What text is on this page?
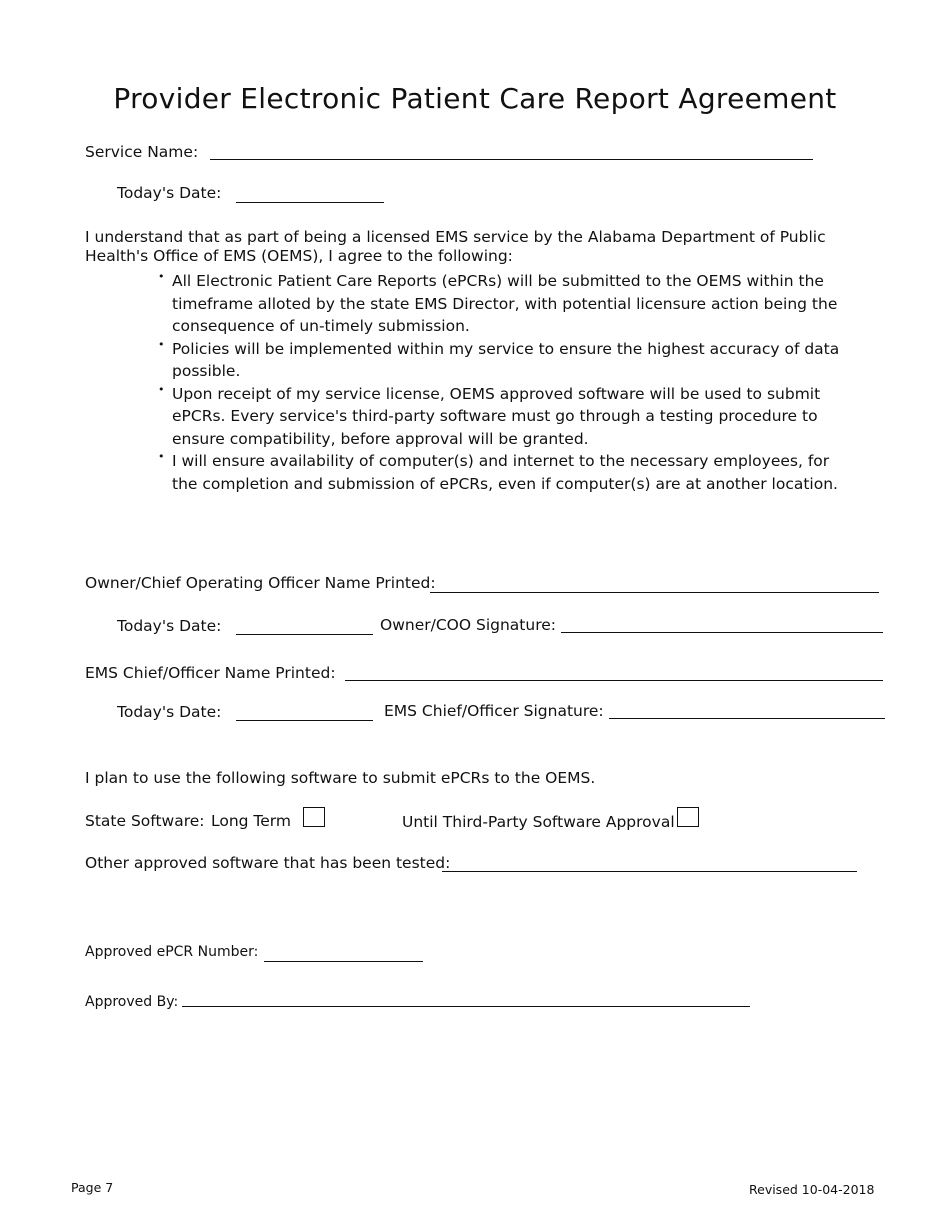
Provider Electronic Patient Care Report Agreement
Service Name:
Today's Date:
I understand that as part of being a licensed EMS service by the Alabama Department of Public Health's Office of EMS (OEMS), I agree to the following:
• All Electronic Patient Care Reports (ePCRs) will be submitted to the OEMS within the timeframe alloted by the state EMS Director, with potential licensure action being the consequence of un-timely submission.
• Policies will be implemented within my service to ensure the highest accuracy of data possible.
• Upon receipt of my service license, OEMS approved software will be used to submit ePCRs. Every service's third-party software must go through a testing procedure to ensure compatibility, before approval will be granted.
• I will ensure availability of computer(s) and internet to the necessary employees, for the completion and submission of ePCRs, even if computer(s) are at another location.
Owner/Chief Operating Officer Name Printed:
Today's Date:	Owner/COO Signature:
EMS Chief/Officer Name Printed:
Today's Date:	EMS Chief/Officer Signature:
I plan to use the following software to submit ePCRs to the OEMS.
State Software: Long Term	Until Third-Party Software Approval
Other approved software that has been tested:
Approved ePCR Number:
Approved By:
Page 7	Revised 10-04-2018
